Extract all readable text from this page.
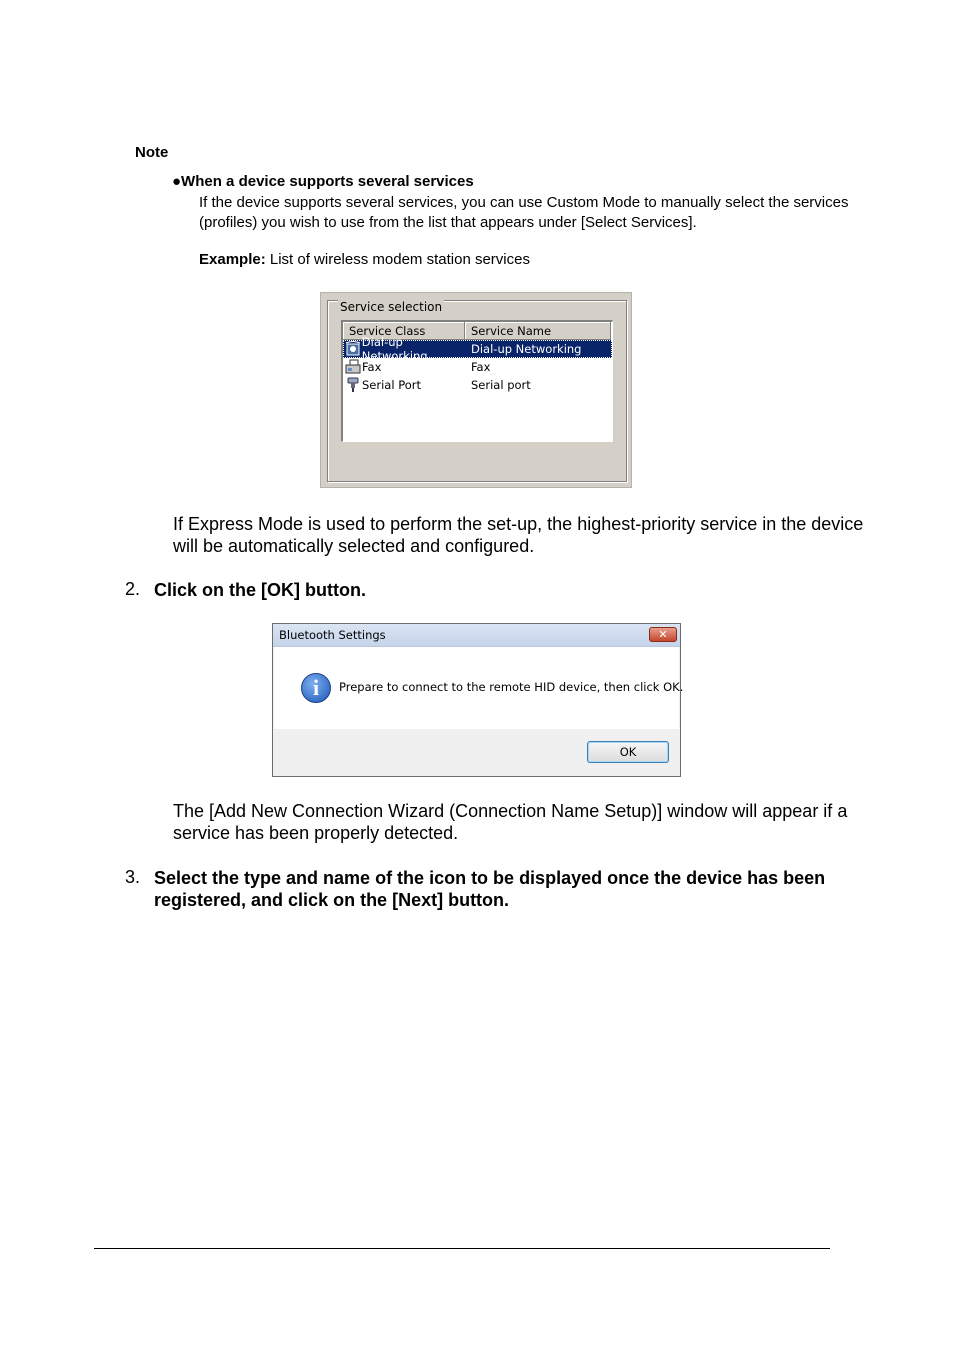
Note
●When a device supports several services
If the device supports several services, you can use Custom Mode to manually select the services (profiles) you wish to use from the list that appears under [Select Services].
Example: List of wireless modem station services
Service selection
Service Class	Service Name
Dial-up Networking	Dial-up Networking
Fax	Fax
Serial Port	Serial port
If Express Mode is used to perform the set-up, the highest-priority service in the device will be automatically selected and configured.
2. Click on the [OK] button.
Bluetooth Settings	✕
i	Prepare to connect to the remote HID device, then click OK.
OK
The [Add New Connection Wizard (Connection Name Setup)] window will appear if a service has been properly detected.
3. Select the type and name of the icon to be displayed once the device has been registered, and click on the [Next] button.
